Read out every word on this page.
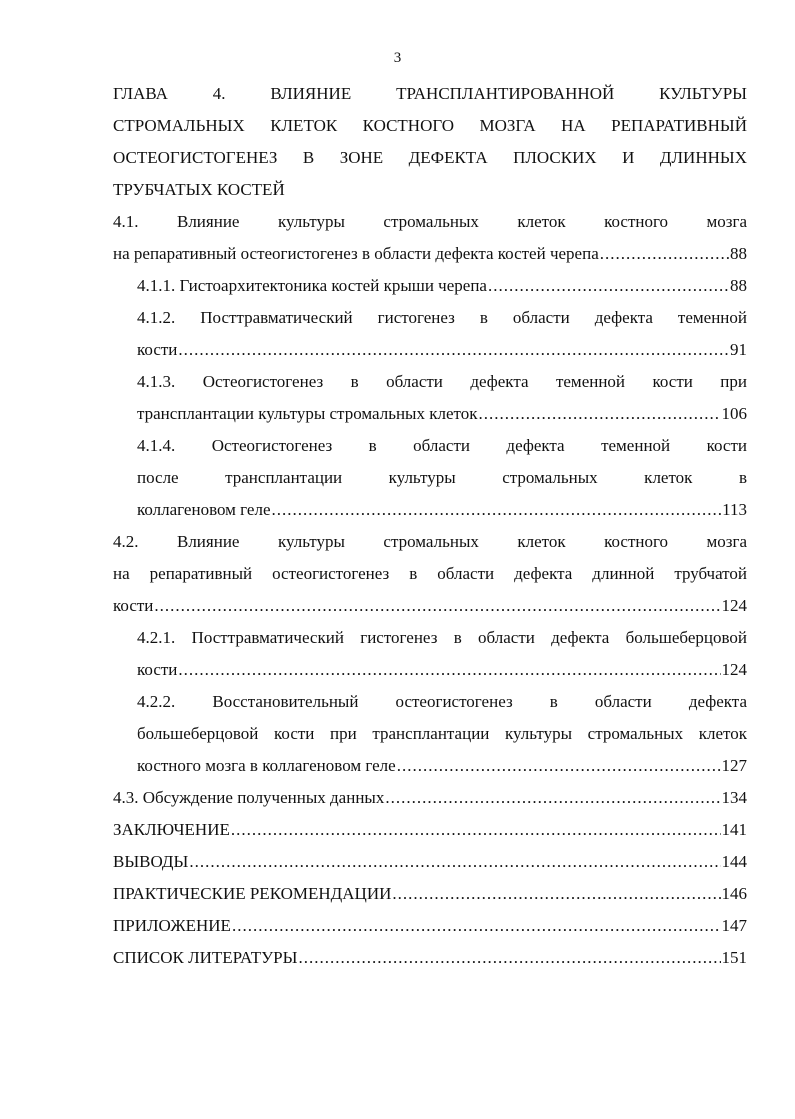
3
ГЛАВА 4. ВЛИЯНИЕ ТРАНСПЛАНТИРОВАННОЙ КУЛЬТУРЫ
СТРОМАЛЬНЫХ КЛЕТОК КОСТНОГО МОЗГА НА РЕПАРАТИВНЫЙ
ОСТЕОГИСТОГЕНЕЗ В ЗОНЕ ДЕФЕКТА ПЛОСКИХ И ДЛИННЫХ
ТРУБЧАТЫХ КОСТЕЙ
4.1. Влияние культуры стромальных клеток костного мозга
на репаративный остеогистогенез в области дефекта костей черепа .....	88
4.1.1. Гистоархитектоника костей крыши черепа .....	88
4.1.2. Посттравматический гистогенез в области дефекта теменной
кости .....	91
4.1.3. Остеогистогенез в области дефекта теменной кости при
трансплантации культуры стромальных клеток .....	106
4.1.4. Остеогистогенез в области дефекта теменной кости
после трансплантации культуры стромальных клеток в
коллагеновом геле .....	113
4.2. Влияние культуры стромальных клеток костного мозга
на репаративный остеогистогенез в области дефекта длинной трубчатой
кости .....	124
4.2.1. Посттравматический гистогенез в области дефекта большеберцовой
кости .....	124
4.2.2. Восстановительный остеогистогенез в области дефекта
большеберцовой кости при трансплантации культуры стромальных клеток
костного мозга в коллагеновом геле .....	127
4.3. Обсуждение полученных данных .....	134
ЗАКЛЮЧЕНИЕ .....	141
ВЫВОДЫ .....	144
ПРАКТИЧЕСКИЕ РЕКОМЕНДАЦИИ .....	146
ПРИЛОЖЕНИЕ .....	147
СПИСОК ЛИТЕРАТУРЫ .....	151
